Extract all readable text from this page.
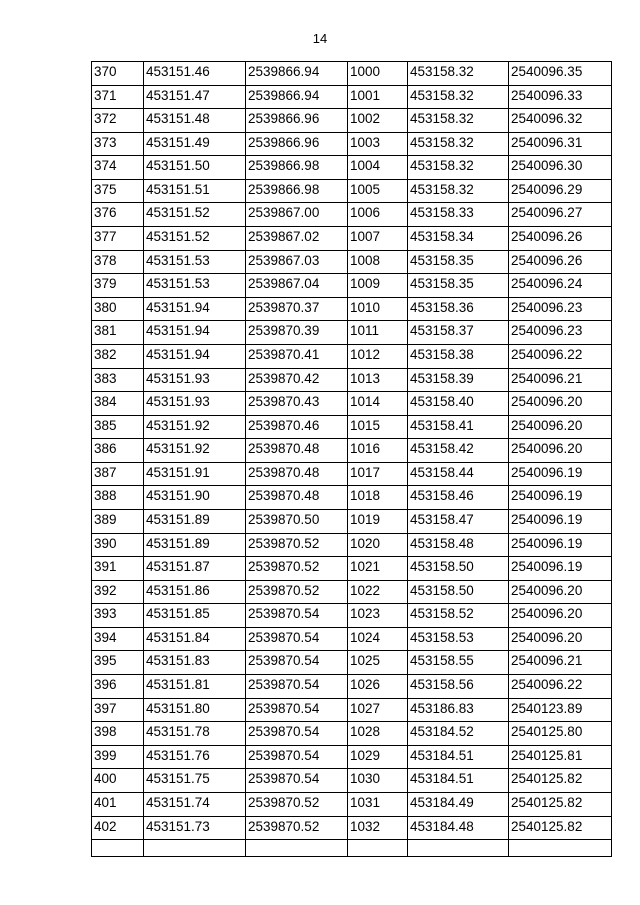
14
370	453151.46	2539866.94	1000	453158.32	2540096.35
371	453151.47	2539866.94	1001	453158.32	2540096.33
372	453151.48	2539866.96	1002	453158.32	2540096.32
373	453151.49	2539866.96	1003	453158.32	2540096.31
374	453151.50	2539866.98	1004	453158.32	2540096.30
375	453151.51	2539866.98	1005	453158.32	2540096.29
376	453151.52	2539867.00	1006	453158.33	2540096.27
377	453151.52	2539867.02	1007	453158.34	2540096.26
378	453151.53	2539867.03	1008	453158.35	2540096.26
379	453151.53	2539867.04	1009	453158.35	2540096.24
380	453151.94	2539870.37	1010	453158.36	2540096.23
381	453151.94	2539870.39	1011	453158.37	2540096.23
382	453151.94	2539870.41	1012	453158.38	2540096.22
383	453151.93	2539870.42	1013	453158.39	2540096.21
384	453151.93	2539870.43	1014	453158.40	2540096.20
385	453151.92	2539870.46	1015	453158.41	2540096.20
386	453151.92	2539870.48	1016	453158.42	2540096.20
387	453151.91	2539870.48	1017	453158.44	2540096.19
388	453151.90	2539870.48	1018	453158.46	2540096.19
389	453151.89	2539870.50	1019	453158.47	2540096.19
390	453151.89	2539870.52	1020	453158.48	2540096.19
391	453151.87	2539870.52	1021	453158.50	2540096.19
392	453151.86	2539870.52	1022	453158.50	2540096.20
393	453151.85	2539870.54	1023	453158.52	2540096.20
394	453151.84	2539870.54	1024	453158.53	2540096.20
395	453151.83	2539870.54	1025	453158.55	2540096.21
396	453151.81	2539870.54	1026	453158.56	2540096.22
397	453151.80	2539870.54	1027	453186.83	2540123.89
398	453151.78	2539870.54	1028	453184.52	2540125.80
399	453151.76	2539870.54	1029	453184.51	2540125.81
400	453151.75	2539870.54	1030	453184.51	2540125.82
401	453151.74	2539870.52	1031	453184.49	2540125.82
402	453151.73	2539870.52	1032	453184.48	2540125.82
